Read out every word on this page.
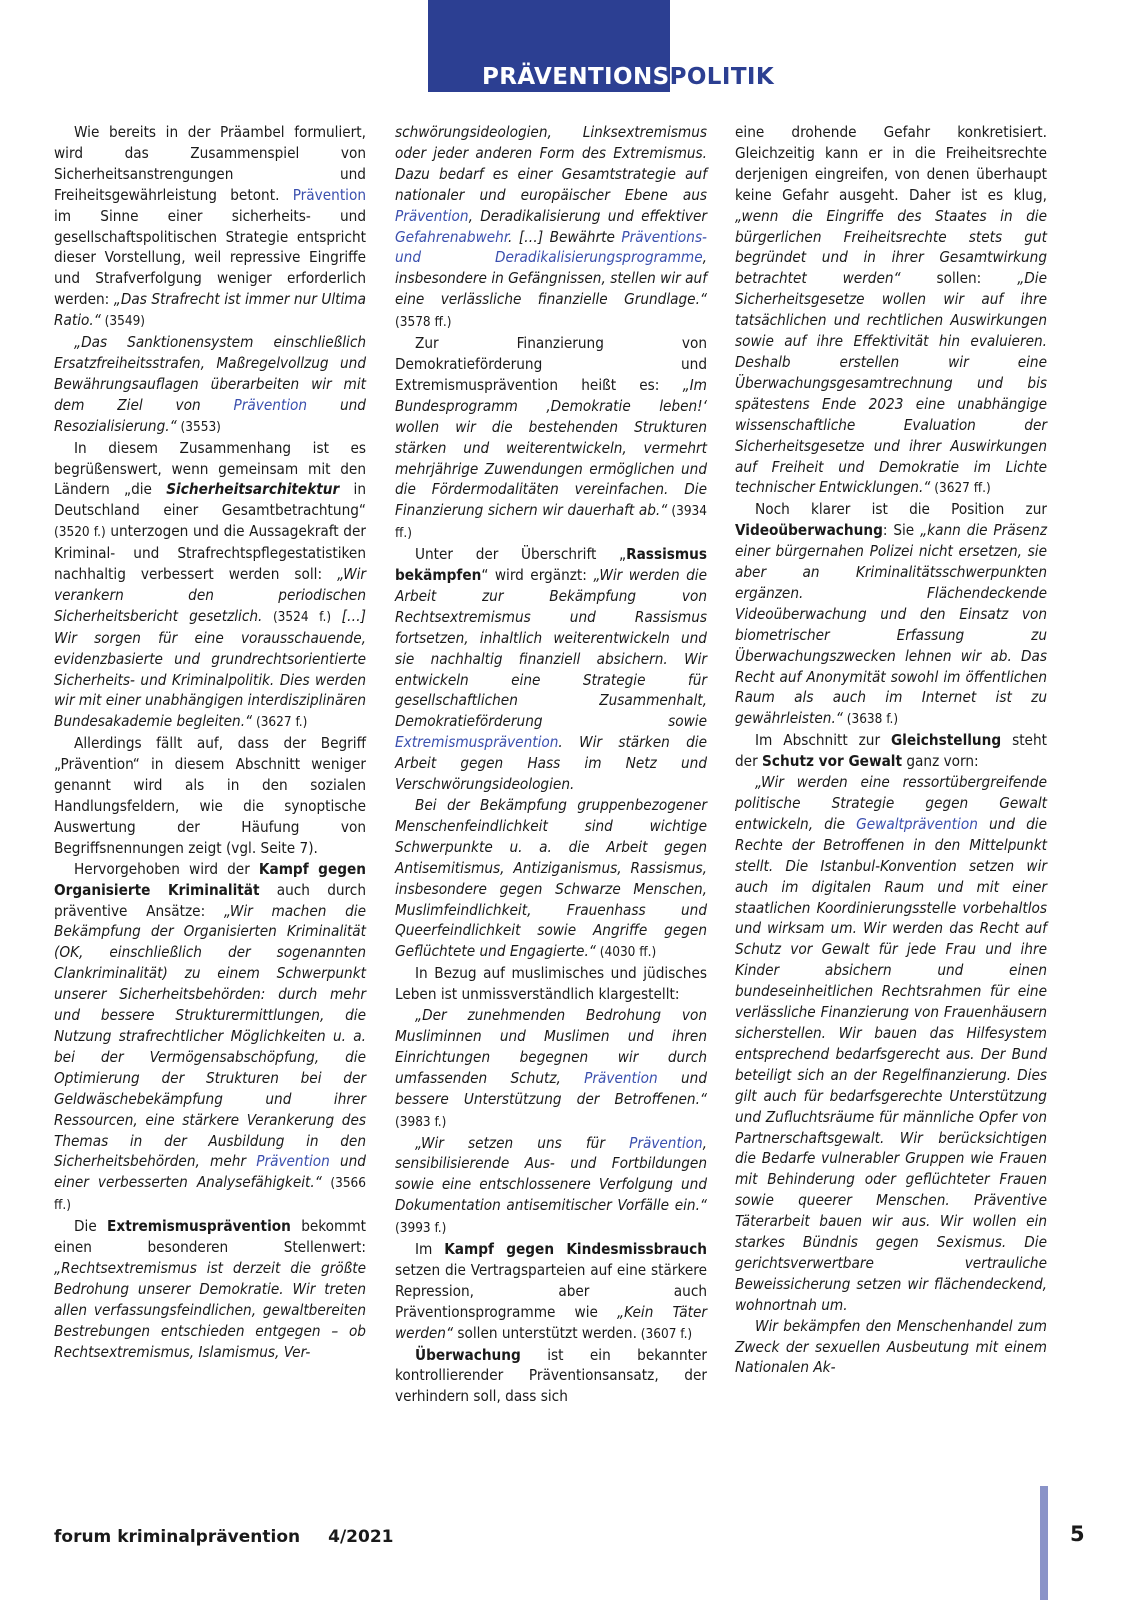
PRÄVENTIONSPOLITIK

Wie bereits in der Präambel formuliert, wird das Zusammenspiel von Sicherheitsanstrengungen und Freiheitsgewährleistung betont. Prävention im Sinne einer sicherheits- und gesellschaftspolitischen Strategie entspricht dieser Vorstellung, weil repressive Eingriffe und Strafverfolgung weniger erforderlich werden: „Das Strafrecht ist immer nur Ultima Ratio.“ (3549)

„Das Sanktionensystem einschließlich Ersatzfreiheitsstrafen, Maßregelvollzug und Bewährungsauflagen überarbeiten wir mit dem Ziel von Prävention und Resozialisierung.“ (3553)

In diesem Zusammenhang ist es begrüßenswert, wenn gemeinsam mit den Ländern „die Sicherheitsarchitektur in Deutschland einer Gesamtbetrachtung“ (3520 f.) unterzogen und die Aussagekraft der Kriminal- und Strafrechtspflegestatistiken nachhaltig verbessert werden soll: „Wir verankern den periodischen Sicherheitsbericht gesetzlich. (3524 f.) […] Wir sorgen für eine vorausschauende, evidenzbasierte und grundrechtsorientierte Sicherheits- und Kriminalpolitik. Dies werden wir mit einer unabhängigen interdisziplinären Bundesakademie begleiten.“ (3627 f.)

Allerdings fällt auf, dass der Begriff „Prävention“ in diesem Abschnitt weniger genannt wird als in den sozialen Handlungsfeldern, wie die synoptische Auswertung der Häufung von Begriffsnennungen zeigt (vgl. Seite 7).

Hervorgehoben wird der Kampf gegen Organisierte Kriminalität auch durch präventive Ansätze: „Wir machen die Bekämpfung der Organisierten Kriminalität (OK, einschließlich der sogenannten Clankriminalität) zu einem Schwerpunkt unserer Sicherheitsbehörden: durch mehr und bessere Strukturermittlungen, die Nutzung strafrechtlicher Möglichkeiten u. a. bei der Vermögensabschöpfung, die Optimierung der Strukturen bei der Geldwäschebekämpfung und ihrer Ressourcen, eine stärkere Verankerung des Themas in der Ausbildung in den Sicherheitsbehörden, mehr Prävention und einer verbesserten Analysefähigkeit.“ (3566 ff.)

Die Extremismusprävention bekommt einen besonderen Stellenwert: „Rechtsextremismus ist derzeit die größte Bedrohung unserer Demokratie. Wir treten allen verfassungsfeindlichen, gewaltbereiten Bestrebungen entschieden entgegen – ob Rechtsextremismus, Islamismus, Ver-

schwörungsideologien, Linksextremismus oder jeder anderen Form des Extremismus. Dazu bedarf es einer Gesamtstrategie auf nationaler und europäischer Ebene aus Prävention, Deradikalisierung und effektiver Gefahrenabwehr. […] Bewährte Präventions- und Deradikalisierungsprogramme, insbesondere in Gefängnissen, stellen wir auf eine verlässliche finanzielle Grundlage.“ (3578 ff.)

Zur Finanzierung von Demokratieförderung und Extremismusprävention heißt es: „Im Bundesprogramm ‚Demokratie leben!‘ wollen wir die bestehenden Strukturen stärken und weiterentwickeln, vermehrt mehrjährige Zuwendungen ermöglichen und die Fördermodalitäten vereinfachen. Die Finanzierung sichern wir dauerhaft ab.“ (3934 ff.)

Unter der Überschrift „Rassismus bekämpfen“ wird ergänzt: „Wir werden die Arbeit zur Bekämpfung von Rechtsextremismus und Rassismus fortsetzen, inhaltlich weiterentwickeln und sie nachhaltig finanziell absichern. Wir entwickeln eine Strategie für gesellschaftlichen Zusammenhalt, Demokratieförderung sowie Extremismusprävention. Wir stärken die Arbeit gegen Hass im Netz und Verschwörungsideologien.

Bei der Bekämpfung gruppenbezogener Menschenfeindlichkeit sind wichtige Schwerpunkte u. a. die Arbeit gegen Antisemitismus, Antiziganismus, Rassismus, insbesondere gegen Schwarze Menschen, Muslimfeindlichkeit, Frauenhass und Queerfeindlichkeit sowie Angriffe gegen Geflüchtete und Engagierte.“ (4030 ff.)

In Bezug auf muslimisches und jüdisches Leben ist unmissverständlich klargestellt:

„Der zunehmenden Bedrohung von Musliminnen und Muslimen und ihren Einrichtungen begegnen wir durch umfassenden Schutz, Prävention und bessere Unterstützung der Betroffenen.“ (3983 f.)

„Wir setzen uns für Prävention, sensibilisierende Aus- und Fortbildungen sowie eine entschlossenere Verfolgung und Dokumentation antisemitischer Vorfälle ein.“ (3993 f.)

Im Kampf gegen Kindesmissbrauch setzen die Vertragsparteien auf eine stärkere Repression, aber auch Präventionsprogramme wie „Kein Täter werden“ sollen unterstützt werden. (3607 f.)

Überwachung ist ein bekannter kontrollierender Präventionsansatz, der verhindern soll, dass sich

eine drohende Gefahr konkretisiert. Gleichzeitig kann er in die Freiheitsrechte derjenigen eingreifen, von denen überhaupt keine Gefahr ausgeht. Daher ist es klug, „wenn die Eingriffe des Staates in die bürgerlichen Freiheitsrechte stets gut begründet und in ihrer Gesamtwirkung betrachtet werden“ sollen: „Die Sicherheitsgesetze wollen wir auf ihre tatsächlichen und rechtlichen Auswirkungen sowie auf ihre Effektivität hin evaluieren. Deshalb erstellen wir eine Überwachungsgesamtrechnung und bis spätestens Ende 2023 eine unabhängige wissenschaftliche Evaluation der Sicherheitsgesetze und ihrer Auswirkungen auf Freiheit und Demokratie im Lichte technischer Entwicklungen.“ (3627 ff.)

Noch klarer ist die Position zur Videoüberwachung: Sie „kann die Präsenz einer bürgernahen Polizei nicht ersetzen, sie aber an Kriminalitätsschwerpunkten ergänzen. Flächendeckende Videoüberwachung und den Einsatz von biometrischer Erfassung zu Überwachungszwecken lehnen wir ab. Das Recht auf Anonymität sowohl im öffentlichen Raum als auch im Internet ist zu gewährleisten.“ (3638 f.)

Im Abschnitt zur Gleichstellung steht der Schutz vor Gewalt ganz vorn:

„Wir werden eine ressortübergreifende politische Strategie gegen Gewalt entwickeln, die Gewaltprävention und die Rechte der Betroffenen in den Mittelpunkt stellt. Die Istanbul-Konvention setzen wir auch im digitalen Raum und mit einer staatlichen Koordinierungsstelle vorbehaltlos und wirksam um. Wir werden das Recht auf Schutz vor Gewalt für jede Frau und ihre Kinder absichern und einen bundeseinheitlichen Rechtsrahmen für eine verlässliche Finanzierung von Frauenhäusern sicherstellen. Wir bauen das Hilfesystem entsprechend bedarfsgerecht aus. Der Bund beteiligt sich an der Regelfinanzierung. Dies gilt auch für bedarfsgerechte Unterstützung und Zufluchtsräume für männliche Opfer von Partnerschaftsgewalt. Wir berücksichtigen die Bedarfe vulnerabler Gruppen wie Frauen mit Behinderung oder geflüchteter Frauen sowie queerer Menschen. Präventive Täterarbeit bauen wir aus. Wir wollen ein starkes Bündnis gegen Sexismus. Die gerichtsverwertbare vertrauliche Beweissicherung setzen wir flächendeckend, wohnortnah um.

Wir bekämpfen den Menschenhandel zum Zweck der sexuellen Ausbeutung mit einem Nationalen Ak-

forum kriminalprävention 4/2021	5
